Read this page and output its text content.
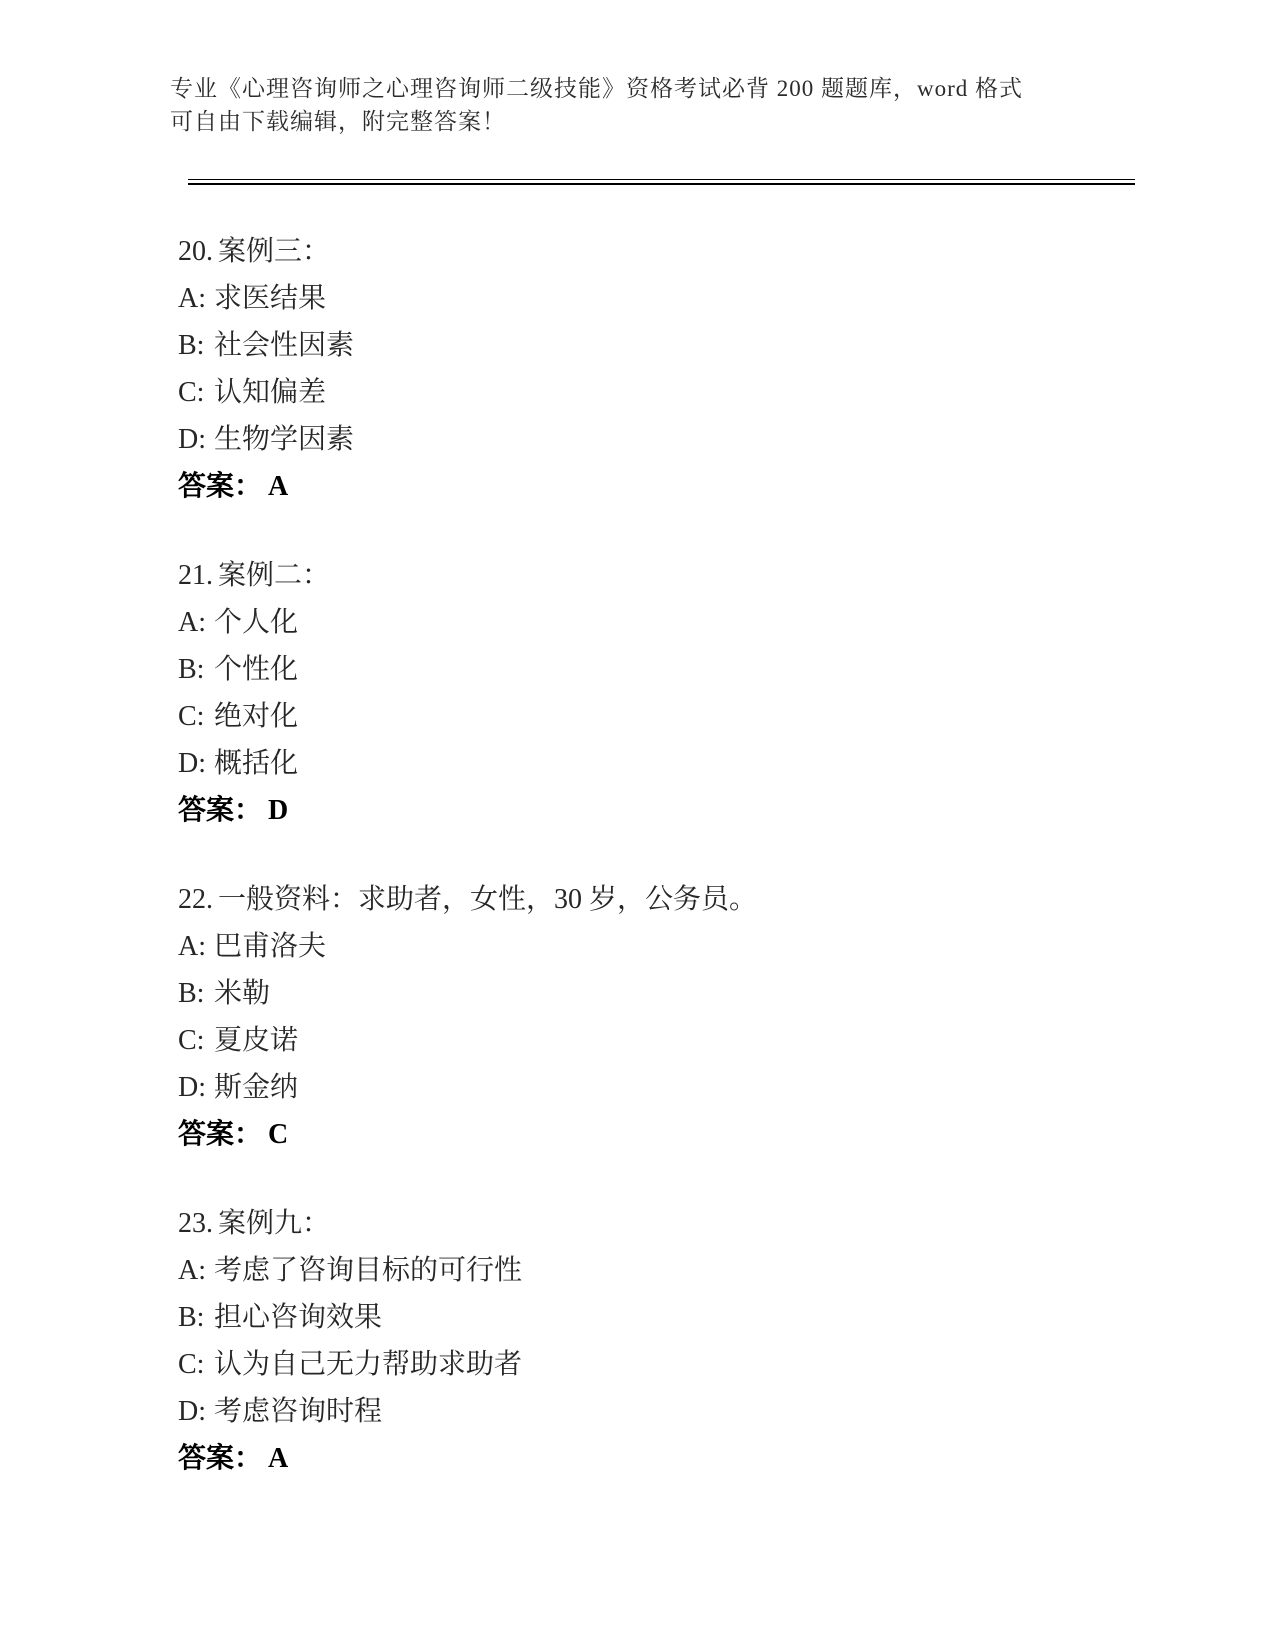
专业《心理咨询师之心理咨询师二级技能》资格考试必背 200 题题库，word 格式
可自由下载编辑，附完整答案！
20. 案例三：
A: 求医结果
B: 社会性因素
C: 认知偏差
D: 生物学因素
答案： A
21. 案例二：
A: 个人化
B: 个性化
C: 绝对化
D: 概括化
答案： D
22. 一般资料：求助者，女性，30 岁，公务员。
A: 巴甫洛夫
B: 米勒
C: 夏皮诺
D: 斯金纳
答案： C
23. 案例九：
A: 考虑了咨询目标的可行性
B: 担心咨询效果
C: 认为自己无力帮助求助者
D: 考虑咨询时程
答案： A
